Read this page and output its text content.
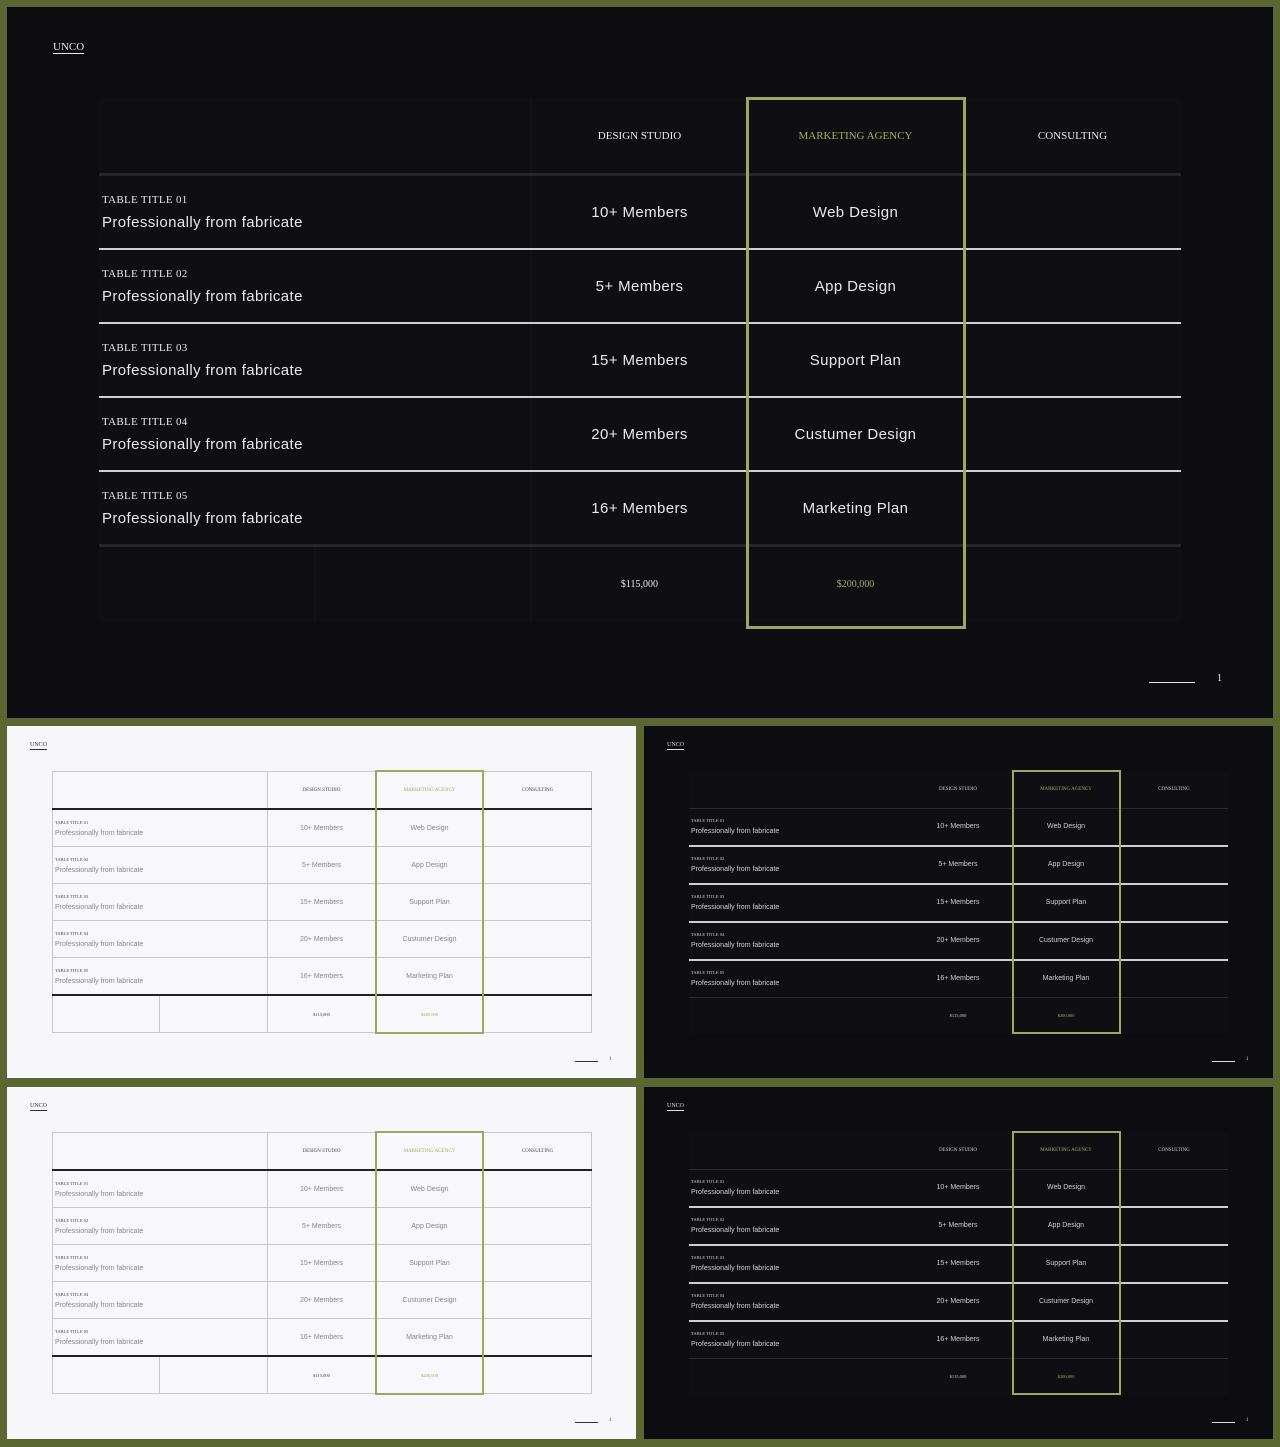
UNCO
		DESIGN STUDIO	MARKETING AGENCY	CONSULTING

TABLE TITLE 01
Professionally from fabricate		10+ Members	Web Design	

TABLE TITLE 02
Professionally from fabricate		5+ Members	App Design	

TABLE TITLE 03
Professionally from fabricate		15+ Members	Support Plan	

TABLE TITLE 04
Professionally from fabricate		20+ Members	Custumer Design	

TABLE TITLE 05
Professionally from fabricate		16+ Members	Marketing Plan	
		$115,000	$200,000	
1
UNCO
		DESIGN STUDIO	MARKETING AGENCY	CONSULTING

TABLE TITLE 01
Professionally from fabricate		10+ Members	Web Design	

TABLE TITLE 02
Professionally from fabricate		5+ Members	App Design	

TABLE TITLE 03
Professionally from fabricate		15+ Members	Support Plan	

TABLE TITLE 04
Professionally from fabricate		20+ Members	Custumer Design	

TABLE TITLE 05
Professionally from fabricate		16+ Members	Marketing Plan	
		$115,000	$200,000	
1
UNCO
		DESIGN STUDIO	MARKETING AGENCY	CONSULTING

TABLE TITLE 01
Professionally from fabricate		10+ Members	Web Design	

TABLE TITLE 02
Professionally from fabricate		5+ Members	App Design	

TABLE TITLE 03
Professionally from fabricate		15+ Members	Support Plan	

TABLE TITLE 04
Professionally from fabricate		20+ Members	Custumer Design	

TABLE TITLE 05
Professionally from fabricate		16+ Members	Marketing Plan	
		$115,000	$200,000	
1
UNCO
		DESIGN STUDIO	MARKETING AGENCY	CONSULTING

TABLE TITLE 01
Professionally from fabricate		10+ Members	Web Design	

TABLE TITLE 02
Professionally from fabricate		5+ Members	App Design	

TABLE TITLE 03
Professionally from fabricate		15+ Members	Support Plan	

TABLE TITLE 04
Professionally from fabricate		20+ Members	Custumer Design	

TABLE TITLE 05
Professionally from fabricate		16+ Members	Marketing Plan	
		$115,000	$200,000	
1
UNCO
		DESIGN STUDIO	MARKETING AGENCY	CONSULTING

TABLE TITLE 01
Professionally from fabricate		10+ Members	Web Design	

TABLE TITLE 02
Professionally from fabricate		5+ Members	App Design	

TABLE TITLE 03
Professionally from fabricate		15+ Members	Support Plan	

TABLE TITLE 04
Professionally from fabricate		20+ Members	Custumer Design	

TABLE TITLE 05
Professionally from fabricate		16+ Members	Marketing Plan	
		$115,000	$200,000	
1
